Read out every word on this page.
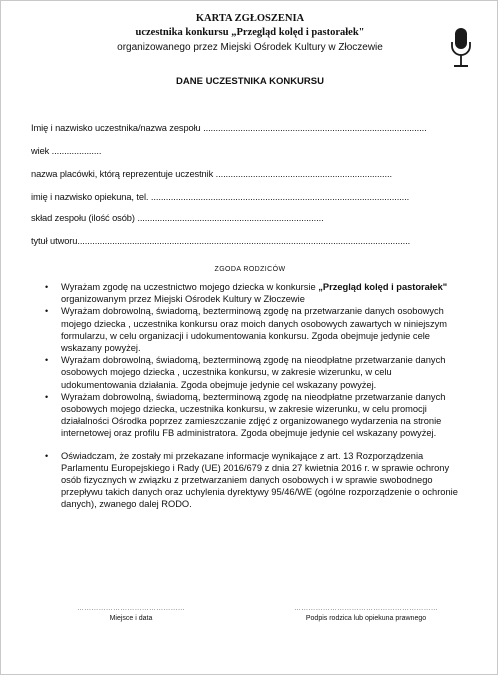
KARTA ZGŁOSZENIA
uczestnika konkursu „Przegląd kolęd i pastorałek"
organizowanego przez Miejski Ośrodek Kultury w Złoczewie
DANE UCZESTNIKA KONKURSU
Imię i nazwisko uczestnika/nazwa zespołu ..........................................................................................
wiek ....................
nazwa placówki, którą reprezentuje uczestnik .......................................................................
imię i nazwisko opiekuna, tel. ........................................................................................................
skład zespołu (ilość osób) ...........................................................................
tytuł utworu......................................................................................................................................
ZGODA RODZICÓW
• Wyrażam zgodę na uczestnictwo mojego dziecka w konkursie „Przegląd kolęd i pastorałek" organizowanym przez Miejski Ośrodek Kultury w Złoczewie
• Wyrażam dobrowolną, świadomą, bezterminową zgodę na przetwarzanie danych osobowych mojego dziecka , uczestnika konkursu oraz moich danych osobowych zawartych w niniejszym formularzu, w celu organizacji i udokumentowania konkursu. Zgoda obejmuje jedynie cele wskazany powyżej.
• Wyrażam dobrowolną, świadomą, bezterminową zgodę na nieodpłatne przetwarzanie danych osobowych mojego dziecka , uczestnika konkursu, w zakresie wizerunku, w celu udokumentowania działania. Zgoda obejmuje jedynie cel wskazany powyżej.
• Wyrażam dobrowolną, świadomą, bezterminową zgodę na nieodpłatne przetwarzanie danych osobowych mojego dziecka, uczestnika konkursu, w zakresie wizerunku, w celu promocji działalności Ośrodka poprzez zamieszczanie zdjęć z organizowanego wydarzenia na stronie internetowej oraz profilu FB administratora. Zgoda obejmuje jedynie cel wskazany powyżej.
• Oświadczam, że zostały mi przekazane informacje wynikające z art. 13 Rozporządzenia Parlamentu Europejskiego i Rady (UE) 2016/679 z dnia 27 kwietnia 2016 r. w sprawie ochrony osób fizycznych w związku z przetwarzaniem danych osobowych i w sprawie swobodnego przepływu takich danych oraz uchylenia dyrektywy 95/46/WE (ogólne rozporządzenie o ochronie danych), zwanego dalej RODO.
………………………………………
Miejsce i data
……………………………………………………
Podpis rodzica lub opiekuna prawnego
